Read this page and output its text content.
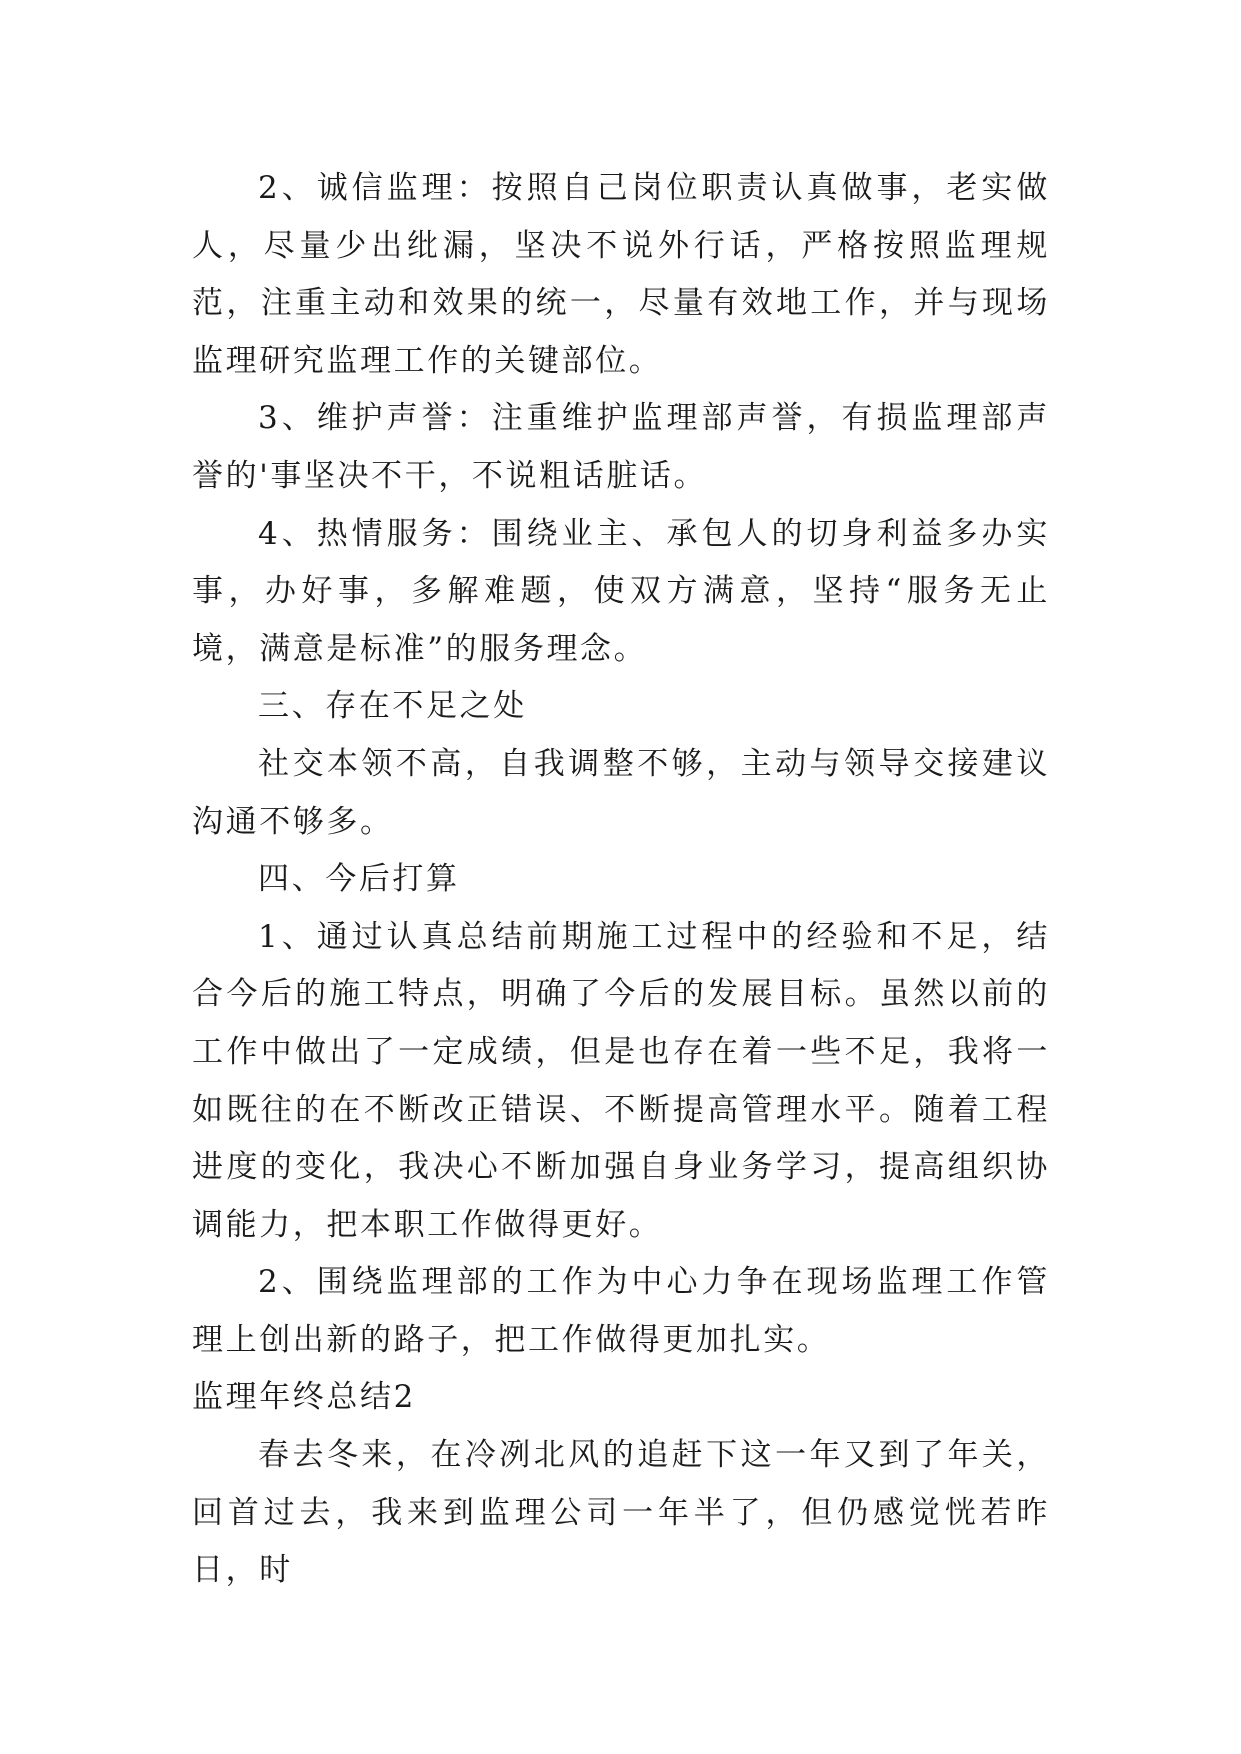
2、诚信监理：按照自己岗位职责认真做事，老实做人，尽量少出纰漏，坚决不说外行话，严格按照监理规范，注重主动和效果的统一，尽量有效地工作，并与现场监理研究监理工作的关键部位。

3、维护声誉：注重维护监理部声誉，有损监理部声誉的'事坚决不干，不说粗话脏话。

4、热情服务：围绕业主、承包人的切身利益多办实事，办好事，多解难题，使双方满意，坚持“服务无止境，满意是标准”的服务理念。

三、存在不足之处

社交本领不高，自我调整不够，主动与领导交接建议沟通不够多。

四、今后打算

1、通过认真总结前期施工过程中的经验和不足，结合今后的施工特点，明确了今后的发展目标。虽然以前的工作中做出了一定成绩，但是也存在着一些不足，我将一如既往的在不断改正错误、不断提高管理水平。随着工程进度的变化，我决心不断加强自身业务学习，提高组织协调能力，把本职工作做得更好。

2、围绕监理部的工作为中心力争在现场监理工作管理上创出新的路子，把工作做得更加扎实。

监理年终总结2

春去冬来，在冷冽北风的追赶下这一年又到了年关，回首过去，我来到监理公司一年半了，但仍感觉恍若昨日，时
